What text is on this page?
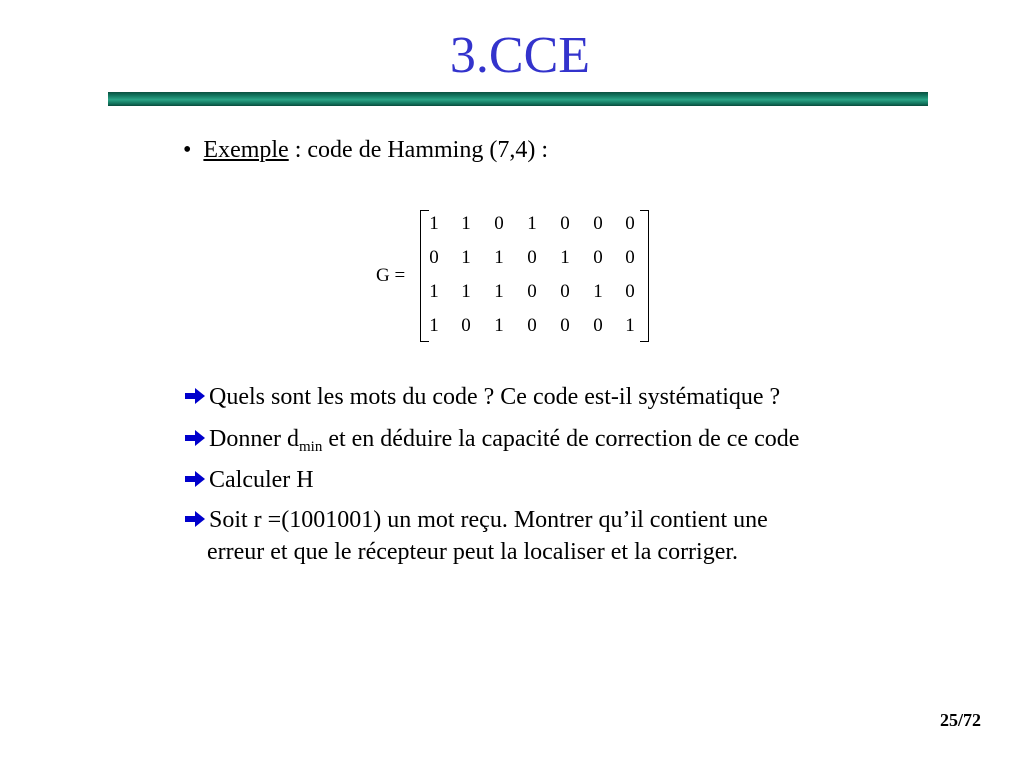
3.CCE
• Exemple : code de Hamming (7,4) :
G =
1 1 0 1 0 0 0
0 1 1 0 1 0 0
1 1 1 0 0 1 0
1 0 1 0 0 0 1
Quels sont les mots du code ? Ce code est-il systématique ?
Donner $d_{min}$ et en déduire la capacité de correction de ce code
Calculer H
Soit r =(1001001) un mot reçu. Montrer qu’il contient une
erreur et que le récepteur peut la localiser et la corriger.
25/72
